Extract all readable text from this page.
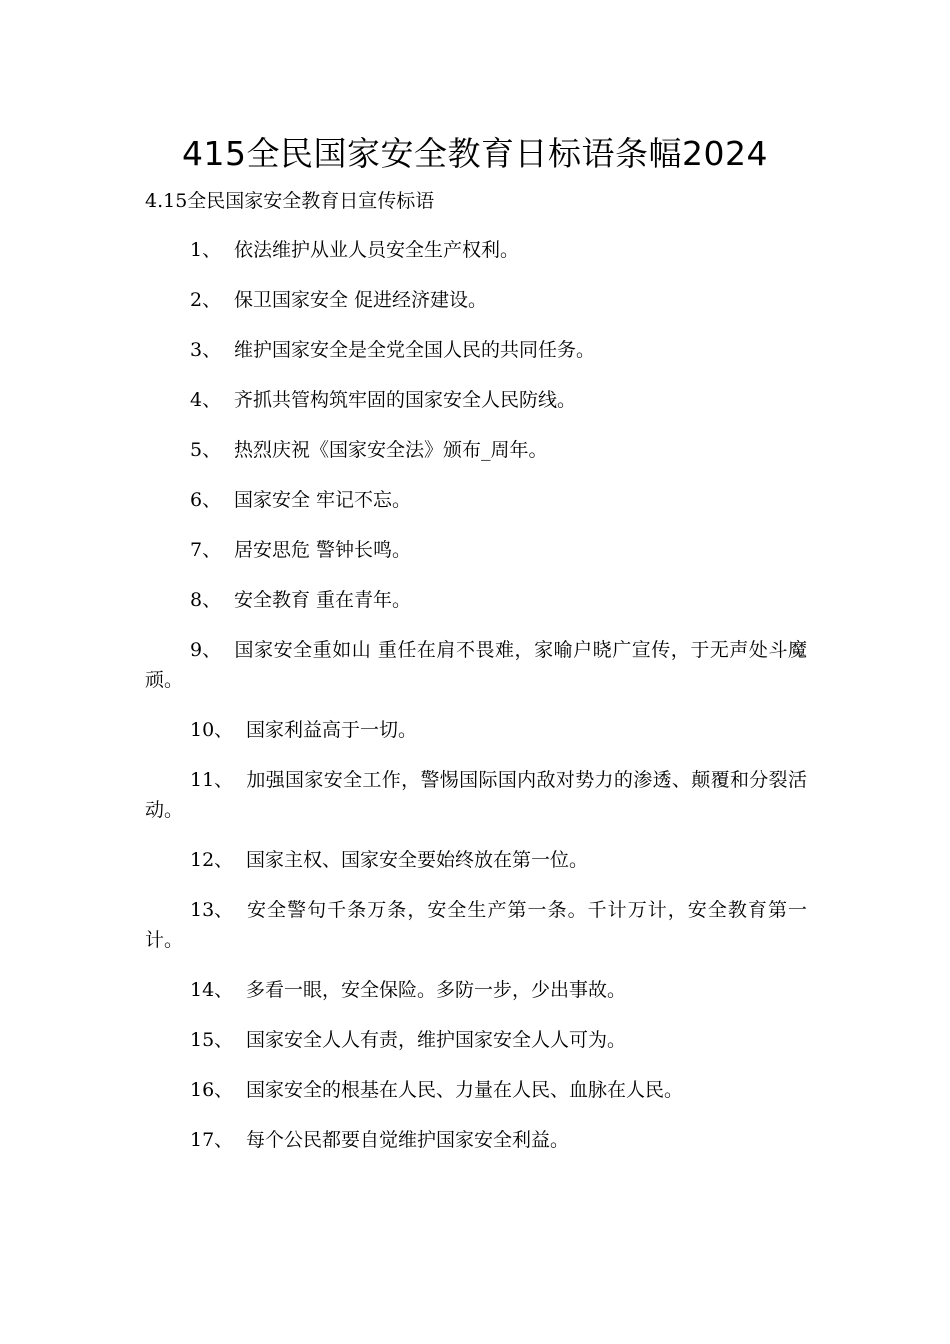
415全民国家安全教育日标语条幅2024
4.15全民国家安全教育日宣传标语
1、 依法维护从业人员安全生产权利。
2、 保卫国家安全 促进经济建设。
3、 维护国家安全是全党全国人民的共同任务。
4、 齐抓共管构筑牢固的国家安全人民防线。
5、 热烈庆祝《国家安全法》颁布_周年。
6、 国家安全 牢记不忘。
7、 居安思危 警钟长鸣。
8、 安全教育 重在青年。
9、 国家安全重如山 重任在肩不畏难，家喻户晓广宣传，于无声处斗魔顽。
10、 国家利益高于一切。
11、 加强国家安全工作，警惕国际国内敌对势力的渗透、颠覆和分裂活动。
12、 国家主权、国家安全要始终放在第一位。
13、 安全警句千条万条，安全生产第一条。千计万计，安全教育第一计。
14、 多看一眼，安全保险。多防一步，少出事故。
15、 国家安全人人有责，维护国家安全人人可为。
16、 国家安全的根基在人民、力量在人民、血脉在人民。
17、 每个公民都要自觉维护国家安全利益。
